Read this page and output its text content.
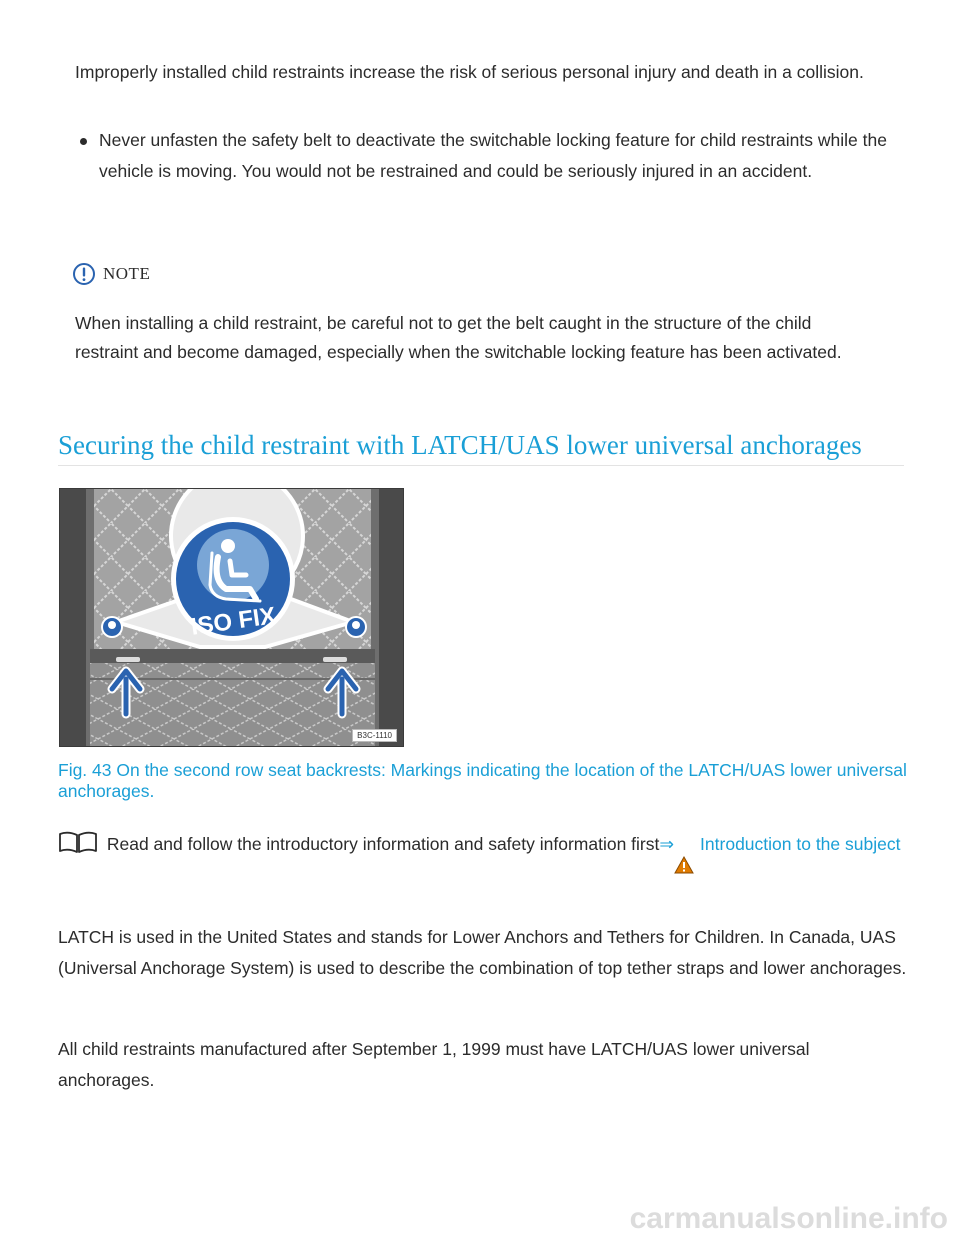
Improperly installed child restraints increase the risk of serious personal injury and death in a collision.

Never unfasten the safety belt to deactivate the switchable locking feature for child restraints while the vehicle is moving. You would not be restrained and could be seriously injured in an accident.
NOTE

When installing a child restraint, be careful not to get the belt caught in the structure of the child restraint and become damaged, especially when the switchable locking feature has been activated.

Securing the child restraint with LATCH/UAS lower universal anchorages
ISO FIX
B3C-1110

Fig. 43 On the second row seat backrests: Markings indicating the location of the LATCH/UAS lower universal anchorages.

Read and follow the introductory information and safety information first⇒ Introduction to the subject

LATCH is used in the United States and stands for Lower Anchors and Tethers for Children. In Canada, UAS (Universal Anchorage System) is used to describe the combination of top tether straps and lower anchorages.

All child restraints manufactured after September 1, 1999 must have LATCH/UAS lower universal anchorages.

carmanualsonline.info
